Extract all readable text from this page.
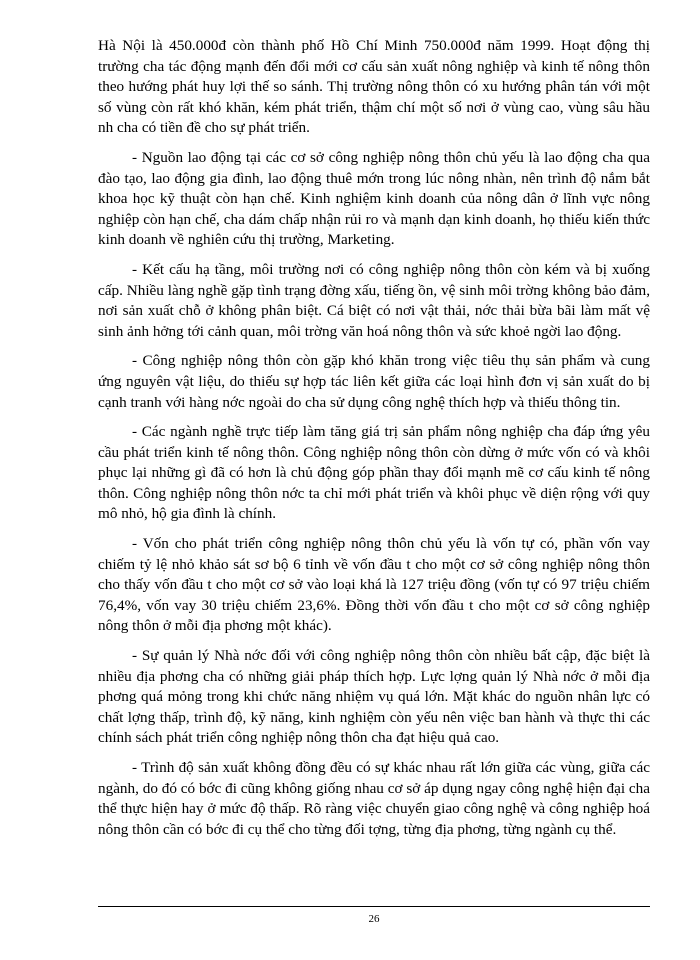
Hà Nội là 450.000đ còn thành phố Hồ Chí Minh 750.000đ năm 1999. Hoạt động thị trường cha tác động mạnh đến đổi mới cơ cấu sản xuất nông nghiệp và kinh tế nông thôn theo hướng phát huy lợi thế so sánh. Thị trường nông thôn có xu hướng phân tán với một số vùng còn rất khó khăn, kém phát triển, thậm chí một số nơi ở vùng cao, vùng sâu hầu nh cha có tiền đề cho sự phát triển.

- Nguồn lao động tại các cơ sở công nghiệp nông thôn chủ yếu là lao động cha qua đào tạo, lao động gia đình, lao động thuê mớn trong lúc nông nhàn, nên trình độ nắm bắt khoa học kỹ thuật còn hạn chế. Kinh nghiệm kinh doanh của nông dân ở lĩnh vực nông nghiệp còn hạn chế, cha dám chấp nhận rủi ro và mạnh dạn kinh doanh, họ thiếu kiến thức kinh doanh về nghiên cứu thị trường, Marketing.

- Kết cấu hạ tầng, môi trường nơi có công nghiệp nông thôn còn kém và bị xuống cấp. Nhiều làng nghề gặp tình trạng đờng xấu, tiếng ồn, vệ sinh môi trờng không bảo đảm, nơi sản xuất chỗ ở không phân biệt. Cá biệt có nơi vật thải, nớc thải bừa bãi làm mất vệ sinh ảnh hởng tới cảnh quan, môi trờng văn hoá nông thôn và sức khoẻ ngời lao động.

- Công nghiệp nông thôn còn gặp khó khăn trong việc tiêu thụ sản phẩm và cung ứng nguyên vật liệu, do thiếu sự hợp tác liên kết giữa các loại hình đơn vị sản xuất do bị cạnh tranh với hàng nớc ngoài do cha sử dụng công nghệ thích hợp và thiếu thông tin.

- Các ngành nghề trực tiếp làm tăng giá trị sản phẩm nông nghiệp cha đáp ứng yêu cầu phát triển kinh tế nông thôn. Công nghiệp nông thôn còn dừng ở mức vốn có và khôi phục lại những gì đã có hơn là chủ động góp phần thay đổi mạnh mẽ cơ cấu kinh tế nông thôn. Công nghiệp nông thôn nớc ta chỉ mới phát triển và khôi phục về diện rộng với quy mô nhỏ, hộ gia đình là chính.

- Vốn cho phát triển công nghiệp nông thôn chủ yếu là vốn tự có, phần vốn vay chiếm tỷ lệ nhỏ khảo sát sơ bộ 6 tỉnh về vốn đầu t cho một cơ sở công nghiệp nông thôn cho thấy vốn đầu t cho một cơ sở vào loại khá là 127 triệu đồng (vốn tự có 97 triệu chiếm 76,4%, vốn vay 30 triệu chiếm 23,6%. Đồng thời vốn đầu t cho một cơ sở công nghiệp nông thôn ở mỗi địa phơng một khác).

- Sự quản lý Nhà nớc đối với công nghiệp nông thôn còn nhiều bất cập, đặc biệt là nhiều địa phơng cha có những giải pháp thích hợp. Lực lợng quản lý Nhà nớc ở mỗi địa phơng quá mỏng trong khi chức năng nhiệm vụ quá lớn. Mặt khác do nguồn nhân lực có chất lợng thấp, trình độ, kỹ năng, kinh nghiệm còn yếu nên việc ban hành và thực thi các chính sách phát triển công nghiệp nông thôn cha đạt hiệu quả cao.

- Trình độ sản xuất không đồng đều có sự khác nhau rất lớn giữa các vùng, giữa các ngành, do đó có bớc đi cũng không giống nhau cơ sở áp dụng ngay công nghệ hiện đại cha thể thực hiện hay ở mức độ thấp. Rõ ràng việc chuyển giao công nghệ và công nghiệp hoá nông thôn cần có bớc đi cụ thể cho từng đối tợng, từng địa phơng, từng ngành cụ thể.

26
